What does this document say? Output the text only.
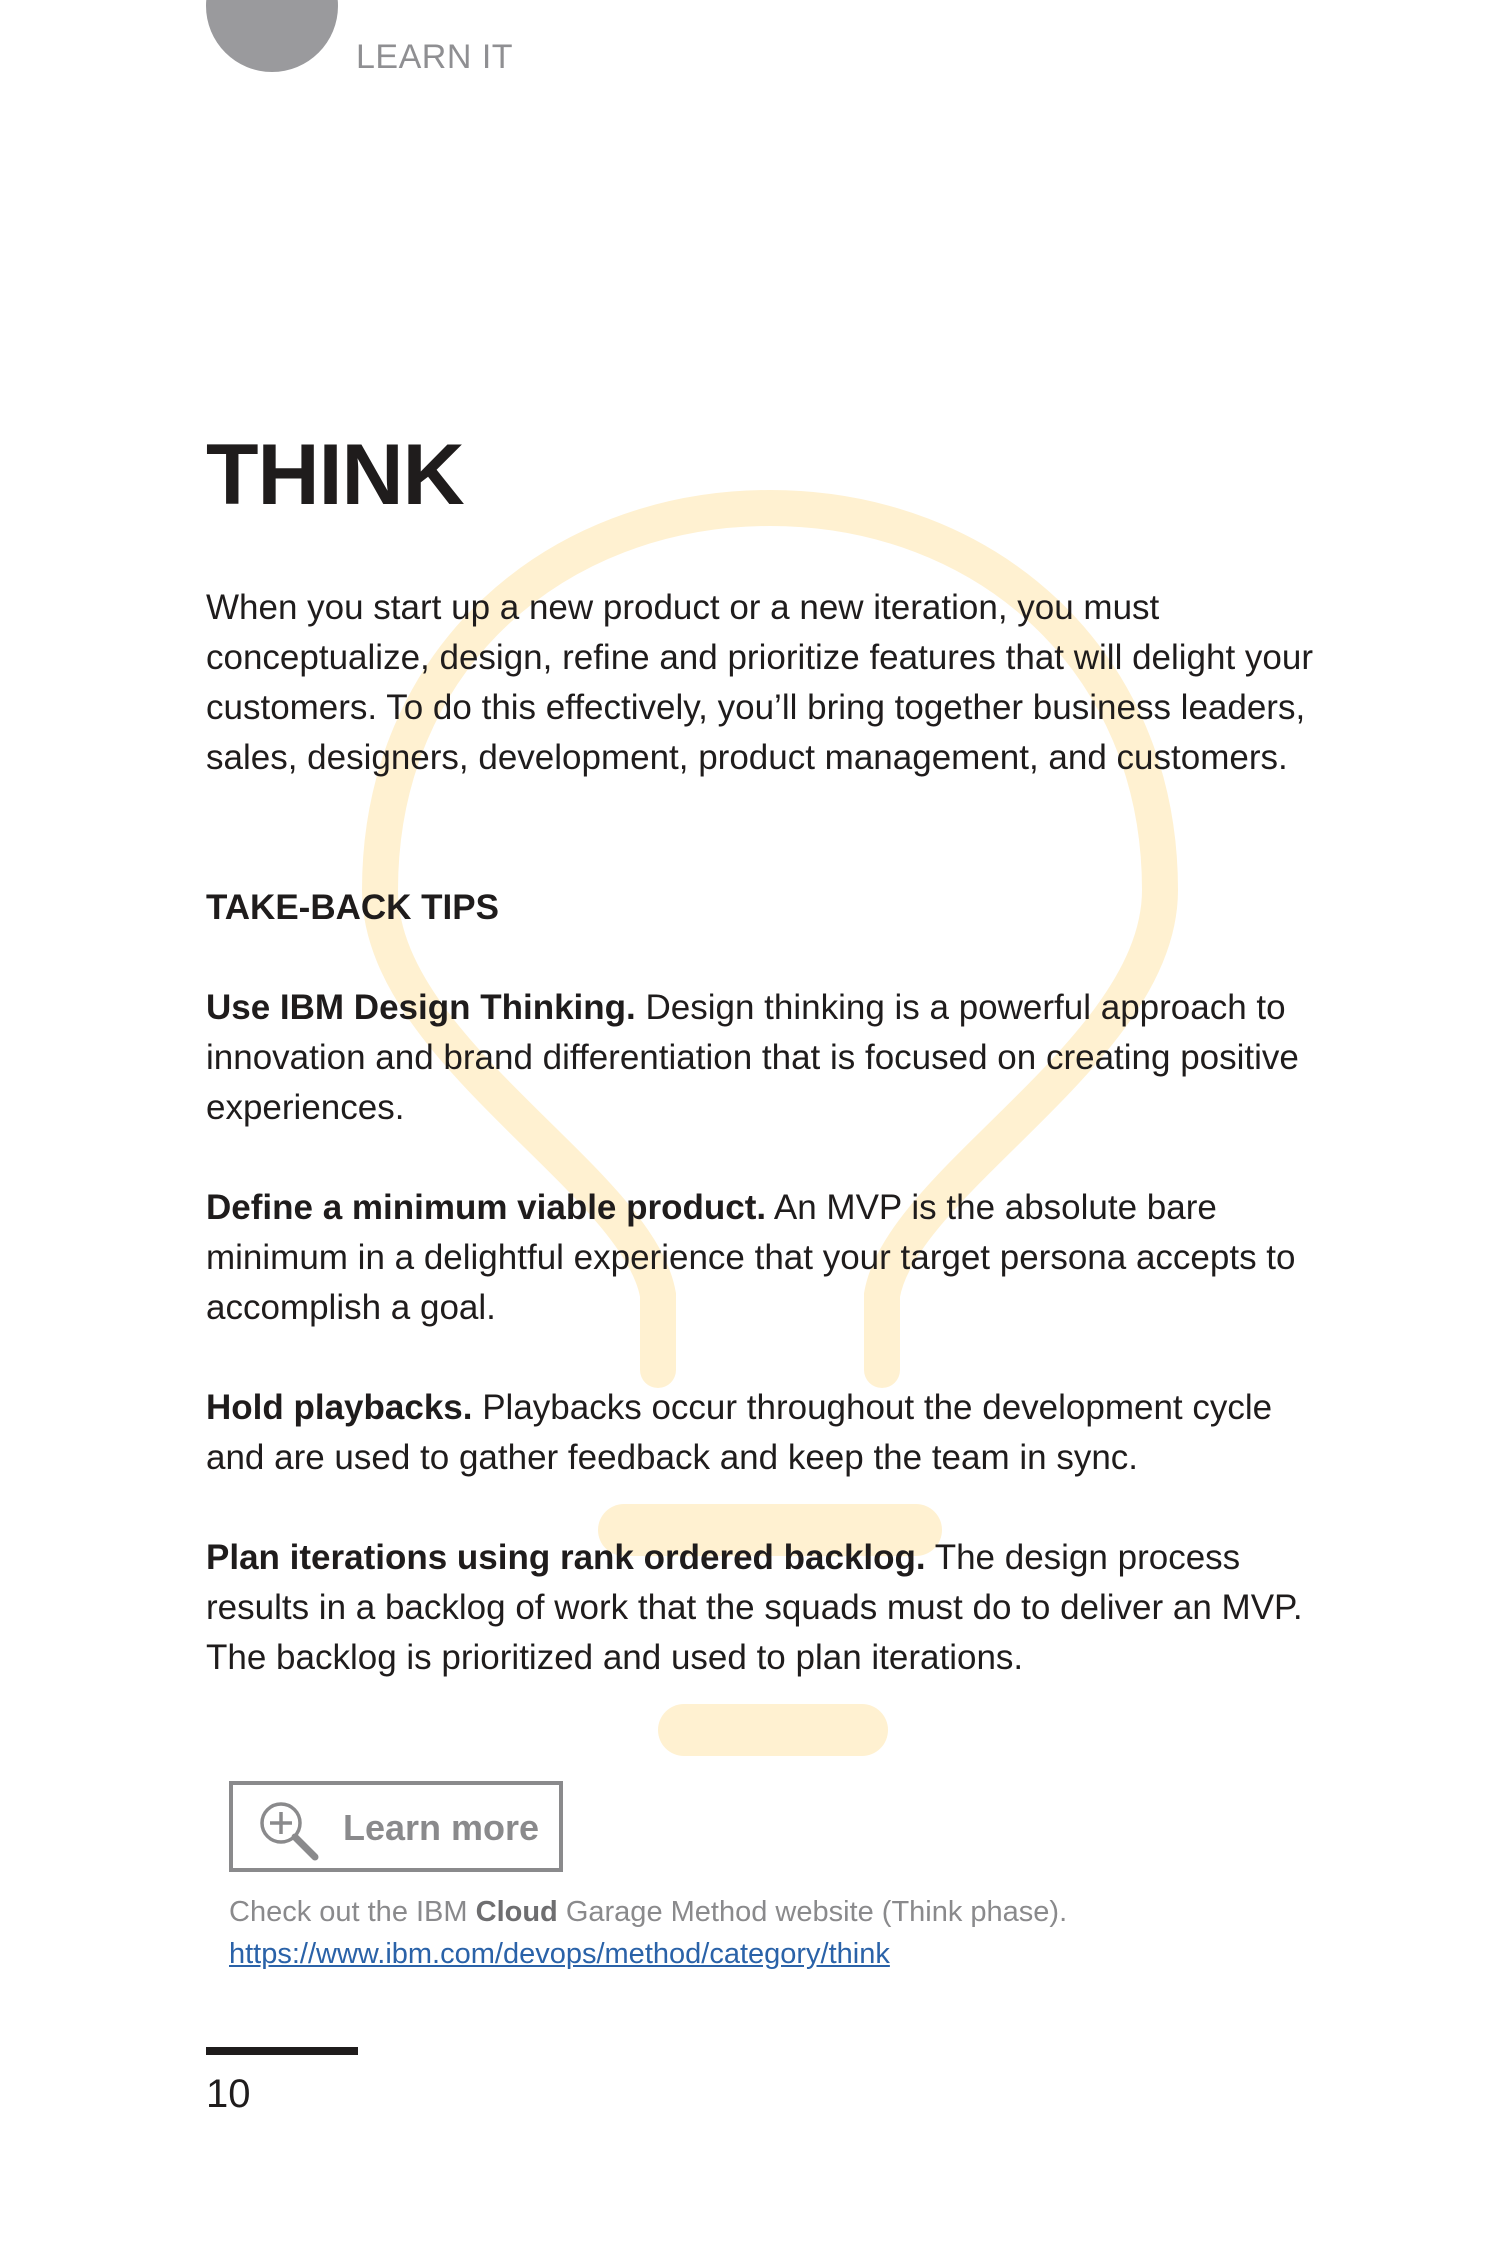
LEARN IT
THINK

When you start up a new product or a new iteration, you must conceptualize, design, refine and prioritize features that will delight your customers. To do this effectively, you’ll bring together business leaders, sales, designers, development, product management, and customers.

TAKE-BACK TIPS

Use IBM Design Thinking. Design thinking is a powerful approach to innovation and brand differentiation that is focused on creating positive experiences.

Define a minimum viable product. An MVP is the absolute bare minimum in a delightful experience that your target persona accepts to accomplish a goal.

Hold playbacks. Playbacks occur throughout the development cycle and are used to gather feedback and keep the team in sync.

Plan iterations using rank ordered backlog. The design process results in a backlog of work that the squads must do to deliver an MVP. The backlog is prioritized and used to plan iterations.

Learn more
Check out the IBM Cloud Garage Method website (Think phase).
https://www.ibm.com/devops/method/category/think
10
